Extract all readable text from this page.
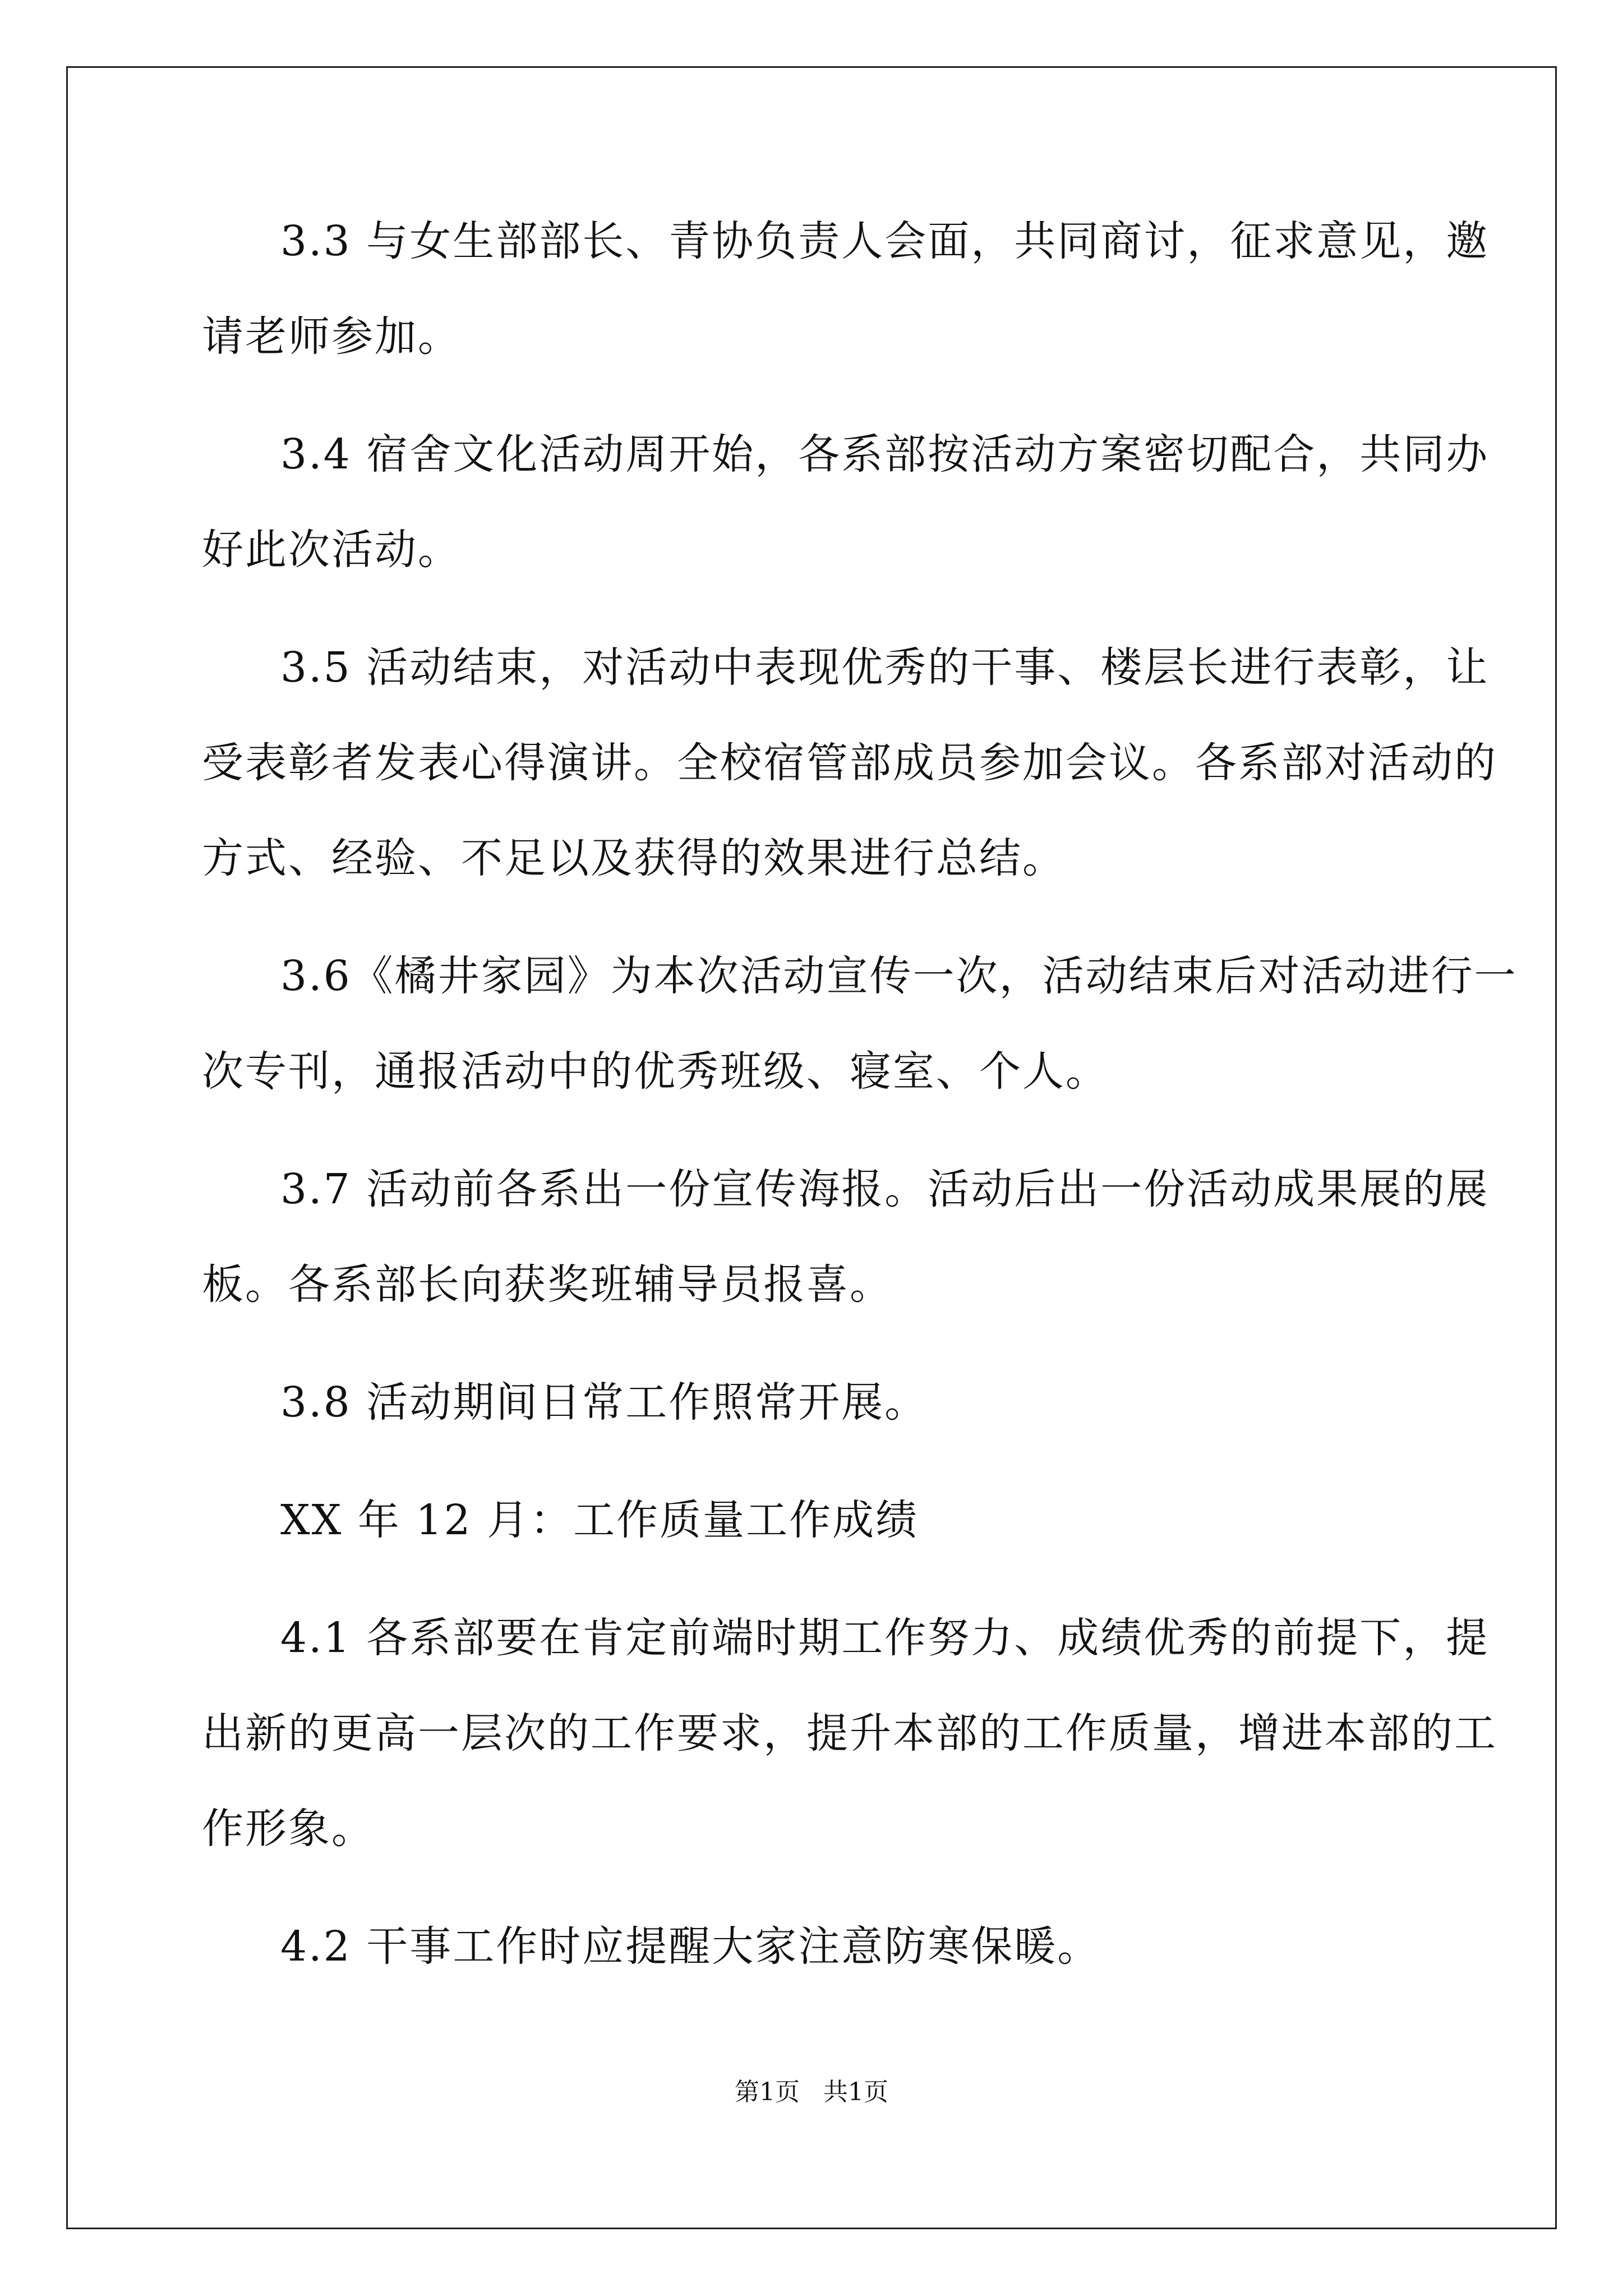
3.3 与女生部部长、青协负责人会面，共同商讨，征求意见，邀
请老师参加。
3.4 宿舍文化活动周开始，各系部按活动方案密切配合，共同办
好此次活动。
3.5 活动结束，对活动中表现优秀的干事、楼层长进行表彰，让
受表彰者发表心得演讲。全校宿管部成员参加会议。各系部对活动的
方式、经验、不足以及获得的效果进行总结。
3.6《橘井家园》为本次活动宣传一次，活动结束后对活动进行一
次专刊，通报活动中的优秀班级、寝室、个人。
3.7 活动前各系出一份宣传海报。活动后出一份活动成果展的展
板。各系部长向获奖班辅导员报喜。
3.8 活动期间日常工作照常开展。
XX 年 12 月：工作质量工作成绩
4.1 各系部要在肯定前端时期工作努力、成绩优秀的前提下，提
出新的更高一层次的工作要求，提升本部的工作质量，增进本部的工
作形象。
4.2 干事工作时应提醒大家注意防寒保暖。
第1页   共1页
